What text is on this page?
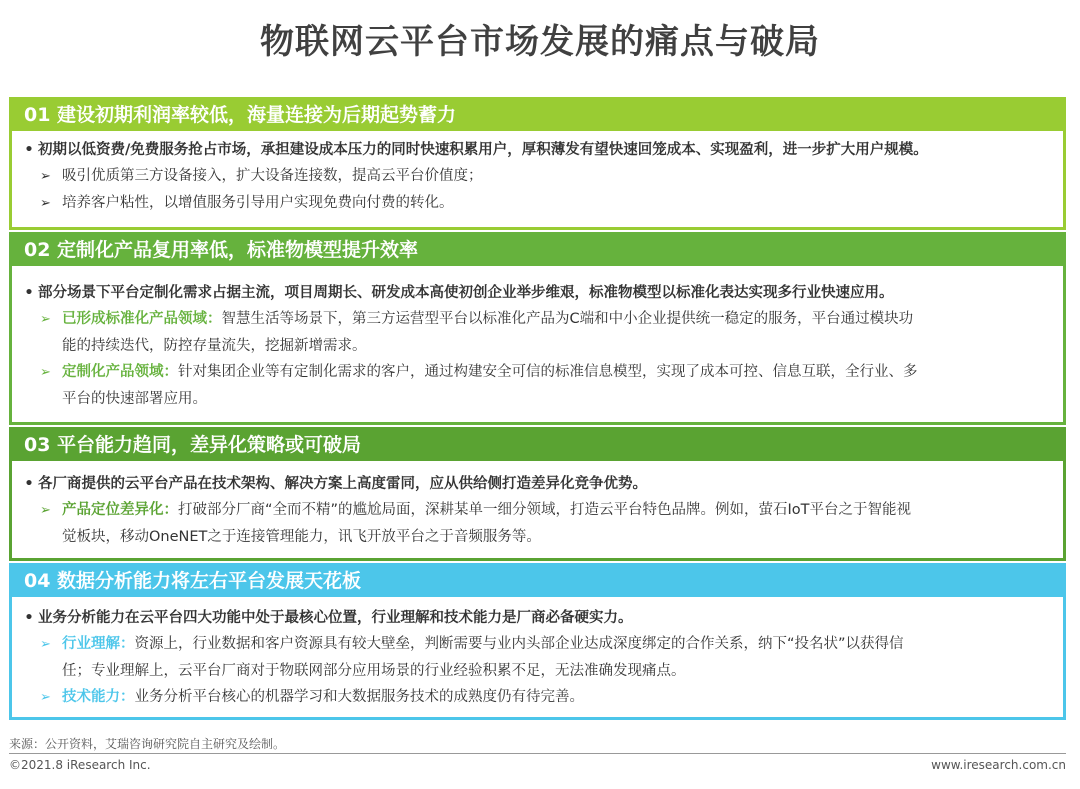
物联网云平台市场发展的痛点与破局
01 建设初期利润率较低，海量连接为后期起势蓄力
• 初期以低资费/免费服务抢占市场，承担建设成本压力的同时快速积累用户，厚积薄发有望快速回笼成本、实现盈利，进一步扩大用户规模。
➢ 吸引优质第三方设备接入，扩大设备连接数，提高云平台价值度；
➢ 培养客户粘性，以增值服务引导用户实现免费向付费的转化。
02 定制化产品复用率低，标准物模型提升效率
• 部分场景下平台定制化需求占据主流，项目周期长、研发成本高使初创企业举步维艰，标准物模型以标准化表达实现多行业快速应用。
➢ 已形成标准化产品领域：智慧生活等场景下，第三方运营型平台以标准化产品为C端和中小企业提供统一稳定的服务，平台通过模块功
能的持续迭代，防控存量流失，挖掘新增需求。
➢ 定制化产品领域：针对集团企业等有定制化需求的客户，通过构建安全可信的标准信息模型，实现了成本可控、信息互联，全行业、多
平台的快速部署应用。
03 平台能力趋同，差异化策略或可破局
• 各厂商提供的云平台产品在技术架构、解决方案上高度雷同，应从供给侧打造差异化竞争优势。
➢ 产品定位差异化：打破部分厂商“全而不精”的尴尬局面，深耕某单一细分领域，打造云平台特色品牌。例如，萤石IoT平台之于智能视
觉板块，移动OneNET之于连接管理能力，讯飞开放平台之于音频服务等。
04 数据分析能力将左右平台发展天花板
• 业务分析能力在云平台四大功能中处于最核心位置，行业理解和技术能力是厂商必备硬实力。
➢ 行业理解：资源上，行业数据和客户资源具有较大壁垒，判断需要与业内头部企业达成深度绑定的合作关系，纳下“投名状”以获得信
任；专业理解上，云平台厂商对于物联网部分应用场景的行业经验积累不足，无法准确发现痛点。
➢ 技术能力：业务分析平台核心的机器学习和大数据服务技术的成熟度仍有待完善。
来源：公开资料，艾瑞咨询研究院自主研究及绘制。
©2021.8 iResearch Inc.	www.iresearch.com.cn
